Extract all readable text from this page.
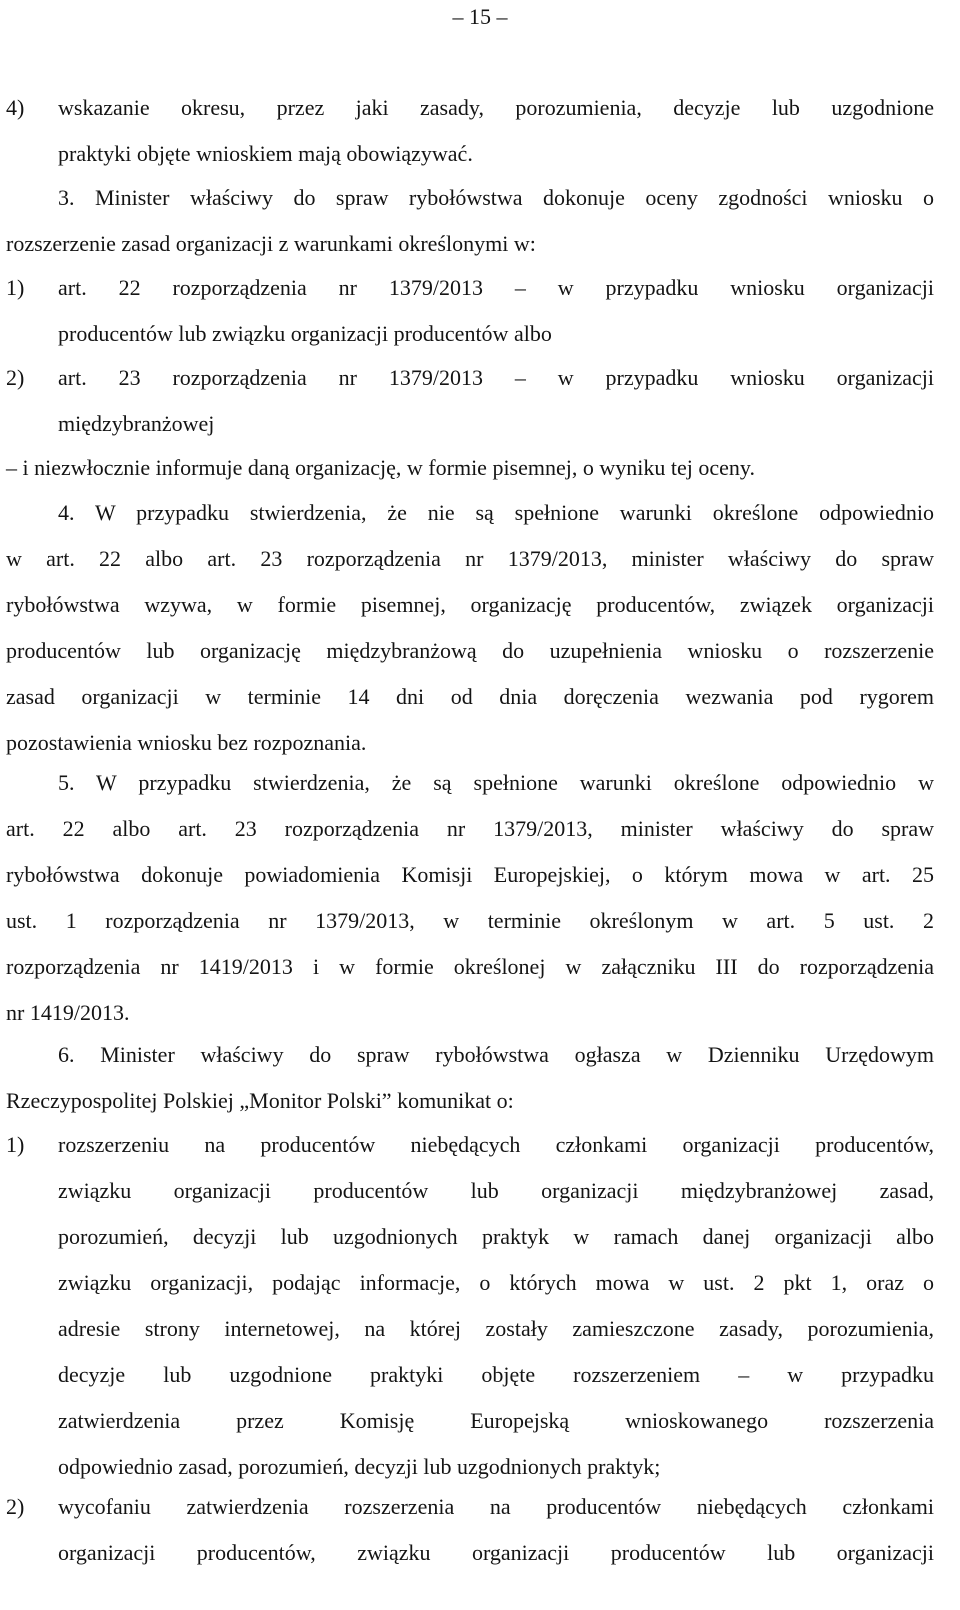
– 15 –
4) wskazanie okresu, przez jaki zasady, porozumienia, decyzje lub uzgodnione
praktyki objęte wnioskiem mają obowiązywać.
3. Minister właściwy do spraw rybołówstwa dokonuje oceny zgodności wniosku o
rozszerzenie zasad organizacji z warunkami określonymi w:
1) art. 22 rozporządzenia nr 1379/2013 – w przypadku wniosku organizacji
producentów lub związku organizacji producentów albo
2) art. 23 rozporządzenia nr 1379/2013 – w przypadku wniosku organizacji
międzybranżowej
– i niezwłocznie informuje daną organizację, w formie pisemnej, o wyniku tej oceny.
4. W przypadku stwierdzenia, że nie są spełnione warunki określone odpowiednio
w art. 22 albo art. 23 rozporządzenia nr 1379/2013, minister właściwy do spraw
rybołówstwa wzywa, w formie pisemnej, organizację producentów, związek organizacji
producentów lub organizację międzybranżową do uzupełnienia wniosku o rozszerzenie
zasad organizacji w terminie 14 dni od dnia doręczenia wezwania pod rygorem
pozostawienia wniosku bez rozpoznania.
5. W przypadku stwierdzenia, że są spełnione warunki określone odpowiednio w
art. 22 albo art. 23 rozporządzenia nr 1379/2013, minister właściwy do spraw
rybołówstwa dokonuje powiadomienia Komisji Europejskiej, o którym mowa w art. 25
ust. 1 rozporządzenia nr 1379/2013, w terminie określonym w art. 5 ust. 2
rozporządzenia nr 1419/2013 i w formie określonej w załączniku III do rozporządzenia
nr 1419/2013.
6. Minister właściwy do spraw rybołówstwa ogłasza w Dzienniku Urzędowym
Rzeczypospolitej Polskiej „Monitor Polski” komunikat o:
1) rozszerzeniu na producentów niebędących członkami organizacji producentów,
związku organizacji producentów lub organizacji międzybranżowej zasad,
porozumień, decyzji lub uzgodnionych praktyk w ramach danej organizacji albo
związku organizacji, podając informacje, o których mowa w ust. 2 pkt 1, oraz o
adresie strony internetowej, na której zostały zamieszczone zasady, porozumienia,
decyzje lub uzgodnione praktyki objęte rozszerzeniem – w przypadku
zatwierdzenia przez Komisję Europejską wnioskowanego rozszerzenia
odpowiednio zasad, porozumień, decyzji lub uzgodnionych praktyk;
2) wycofaniu zatwierdzenia rozszerzenia na producentów niebędących członkami
organizacji producentów, związku organizacji producentów lub organizacji
